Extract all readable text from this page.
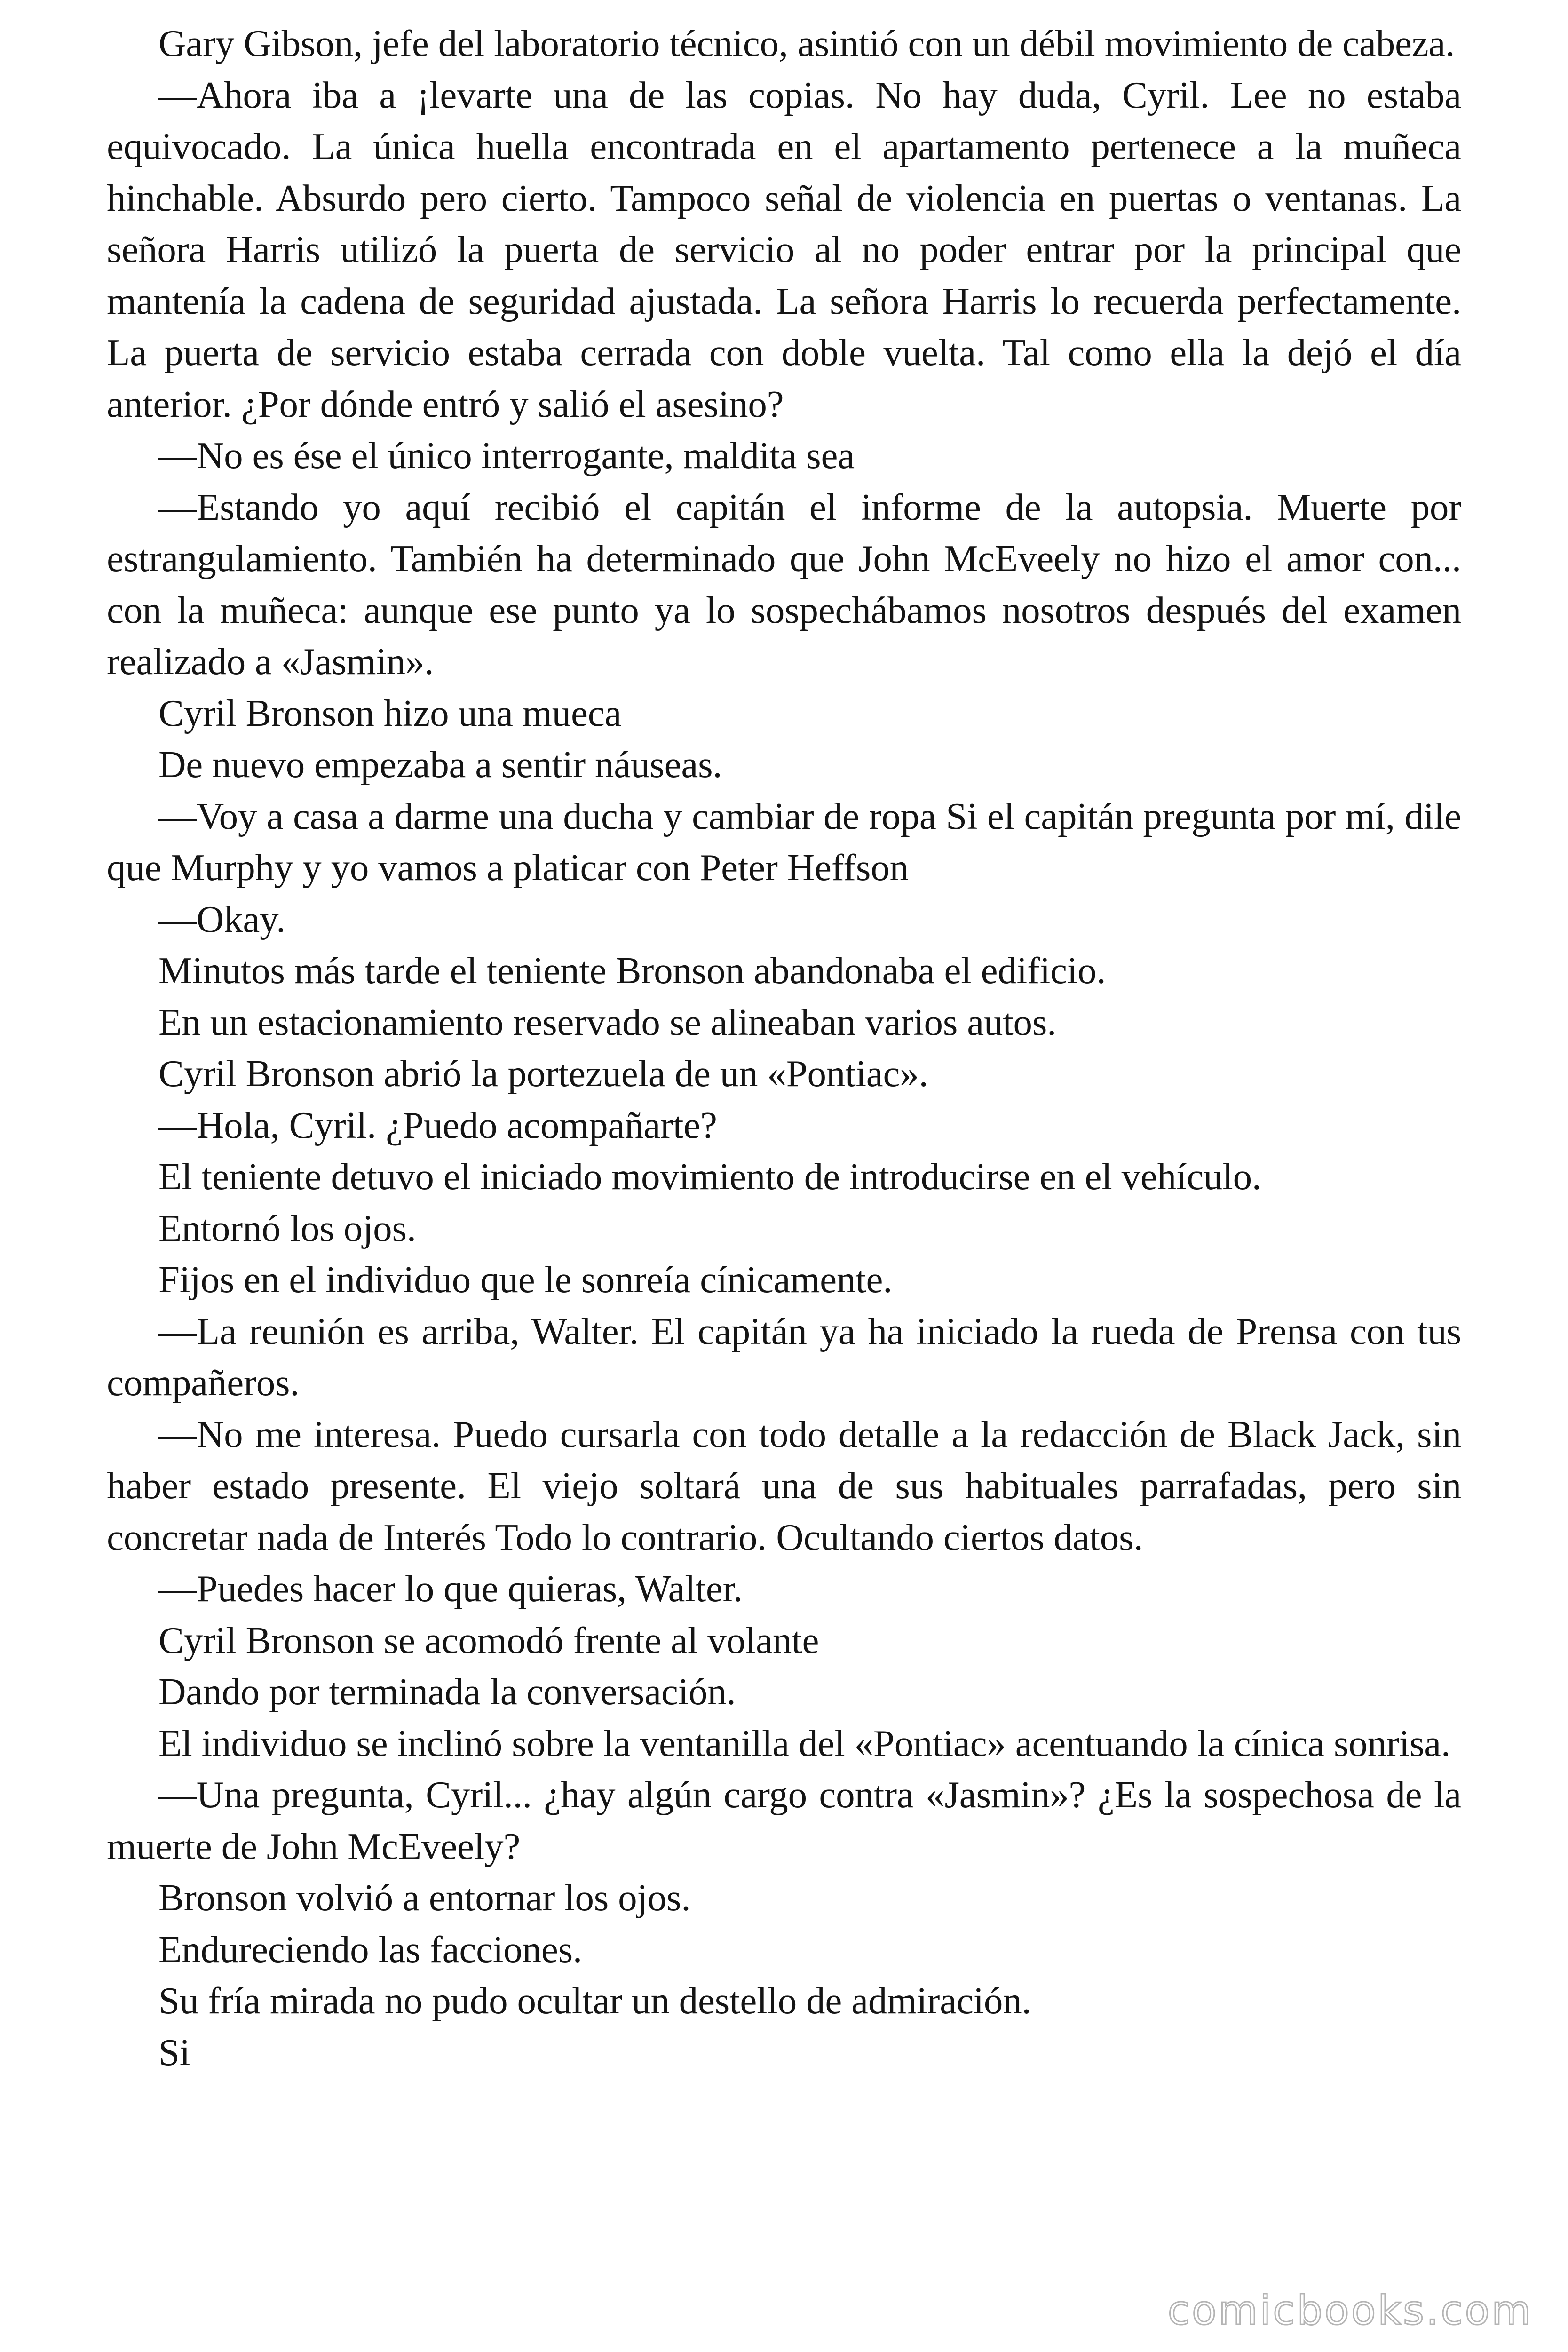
Gary Gibson, jefe del laboratorio técnico, asintió con un débil movimiento de cabeza.

—Ahora iba a ¡levarte una de las copias. No hay duda, Cyril. Lee no estaba equivocado. La única huella encontrada en el apartamento pertenece a la muñeca hinchable. Absurdo pero cierto. Tampoco señal de violencia en puertas o ventanas. La señora Harris utilizó la puerta de servicio al no poder entrar por la principal que mantenía la cadena de seguridad ajustada. La señora Harris lo recuerda perfectamente. La puerta de servicio estaba cerrada con doble vuelta. Tal como ella la dejó el día anterior. ¿Por dónde entró y salió el asesino?

—No es ése el único interrogante, maldita sea

—Estando yo aquí recibió el capitán el informe de la autopsia. Muerte por estrangulamiento. También ha determinado que John McEveely no hizo el amor con... con la muñeca: aunque ese punto ya lo sospechábamos nosotros después del examen realizado a «Jasmin».

Cyril Bronson hizo una mueca

De nuevo empezaba a sentir náuseas.

—Voy a casa a darme una ducha y cambiar de ropa Si el capitán pregunta por mí, dile que Murphy y yo vamos a platicar con Peter Heffson

—Okay.

Minutos más tarde el teniente Bronson abandonaba el edificio.

En un estacionamiento reservado se alineaban varios autos.

Cyril Bronson abrió la portezuela de un «Pontiac».

—Hola, Cyril. ¿Puedo acompañarte?

El teniente detuvo el iniciado movimiento de introducirse en el vehículo.

Entornó los ojos.

Fijos en el individuo que le sonreía cínicamente.

—La reunión es arriba, Walter. El capitán ya ha iniciado la rueda de Prensa con tus compañeros.

—No me interesa. Puedo cursarla con todo detalle a la redacción de Black Jack, sin haber estado presente. El viejo soltará una de sus habituales parrafadas, pero sin concretar nada de Interés Todo lo contrario. Ocultando ciertos datos.

—Puedes hacer lo que quieras, Walter.

Cyril Bronson se acomodó frente al volante

Dando por terminada la conversación.

El individuo se inclinó sobre la ventanilla del «Pontiac» acentuando la cínica sonrisa.

—Una pregunta, Cyril... ¿hay algún cargo contra «Jasmin»? ¿Es la sospechosa de la muerte de John McEveely?

Bronson volvió a entornar los ojos.

Endureciendo las facciones.

Su fría mirada no pudo ocultar un destello de admiración.

Si

comicbooks.com
